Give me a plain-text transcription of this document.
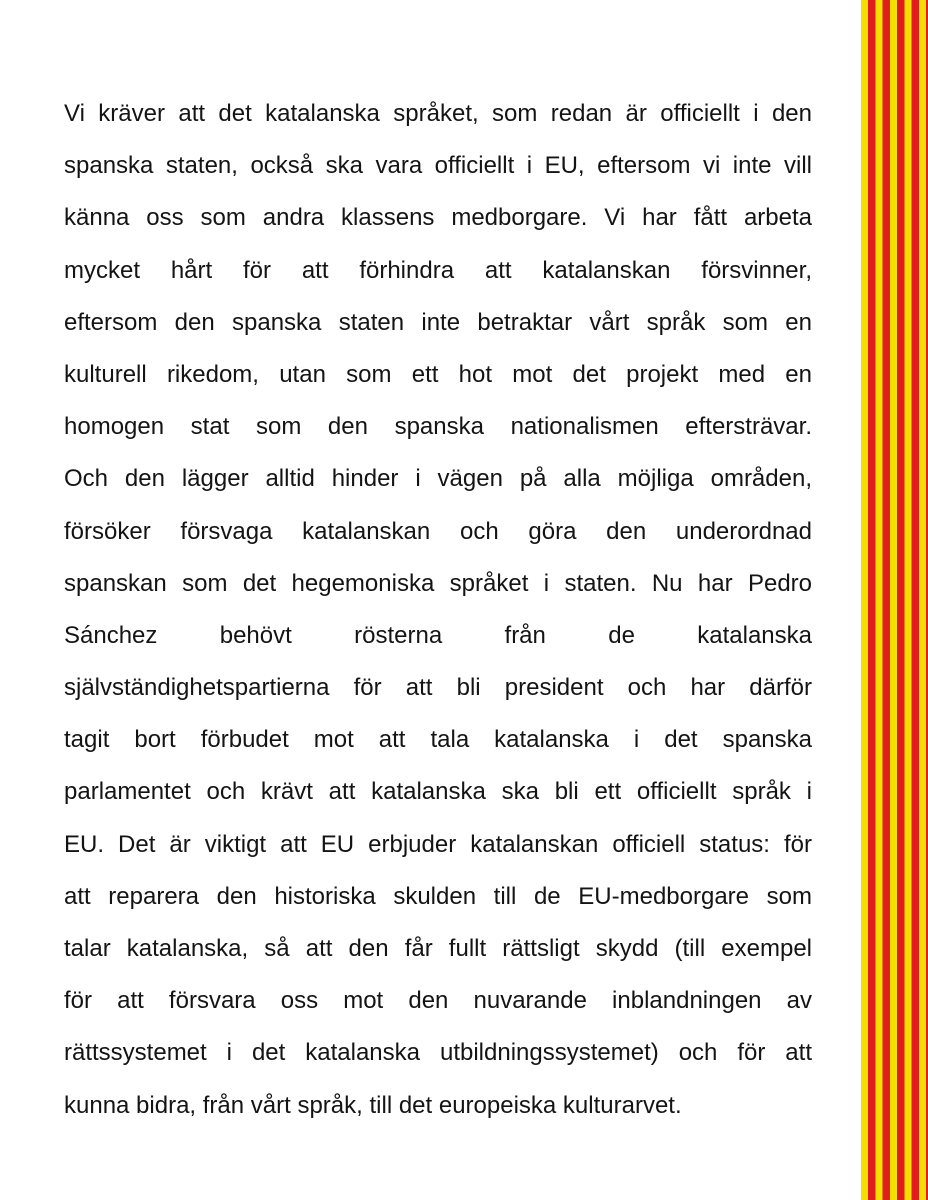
Vi kräver att det katalanska språket, som redan är officiellt i den
spanska staten, också ska vara officiellt i EU, eftersom vi inte vill
känna oss som andra klassens medborgare. Vi har fått arbeta
mycket hårt för att förhindra att katalanskan försvinner,
eftersom den spanska staten inte betraktar vårt språk som en
kulturell rikedom, utan som ett hot mot det projekt med en
homogen stat som den spanska nationalismen eftersträvar.
Och den lägger alltid hinder i vägen på alla möjliga områden,
försöker försvaga katalanskan och göra den underordnad
spanskan som det hegemoniska språket i staten. Nu har Pedro
Sánchez behövt rösterna från de katalanska
självständighetspartierna för att bli president och har därför
tagit bort förbudet mot att tala katalanska i det spanska
parlamentet och krävt att katalanska ska bli ett officiellt språk i
EU. Det är viktigt att EU erbjuder katalanskan officiell status: för
att reparera den historiska skulden till de EU-medborgare som
talar katalanska, så att den får fullt rättsligt skydd (till exempel
för att försvara oss mot den nuvarande inblandningen av
rättssystemet i det katalanska utbildningssystemet) och för att
kunna bidra, från vårt språk, till det europeiska kulturarvet.
